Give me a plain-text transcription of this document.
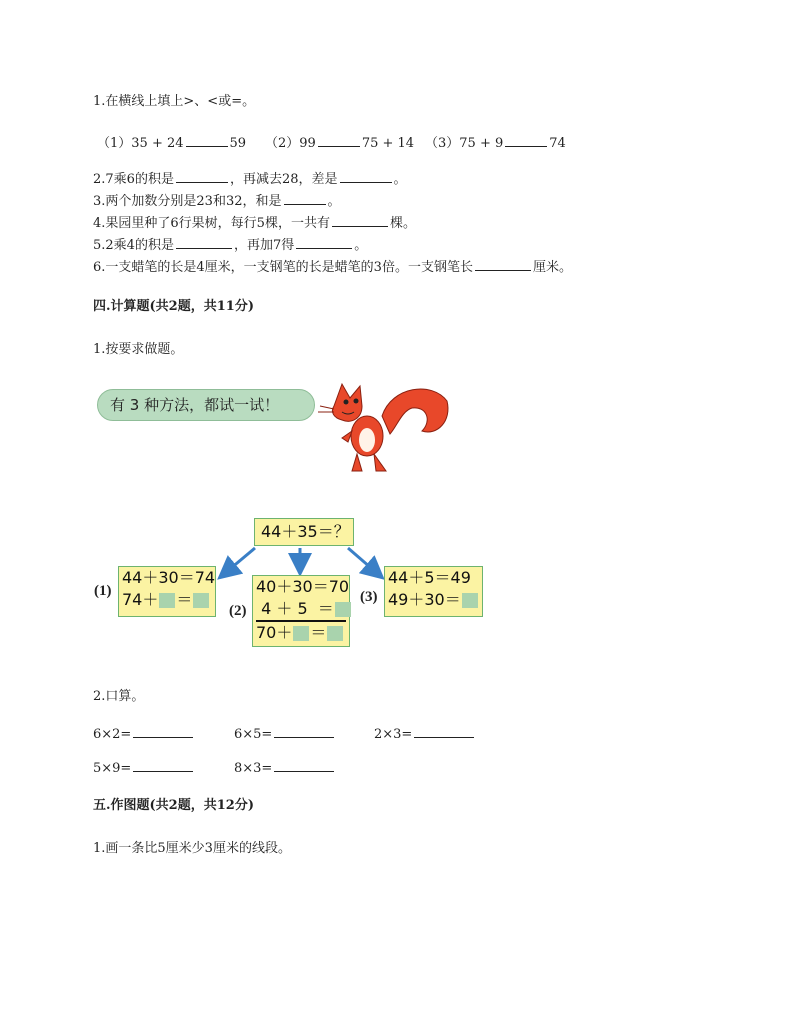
1.在横线上填上>、<或=。
（1）35 + 24	59 （2）99	75 + 14 （3）75 + 9	74
2.7乘6的积是	，再减去28，差是	。
3.两个加数分别是23和32，和是	。
4.果园里种了6行果树，每行5棵，一共有	棵。
5.2乘4的积是	，再加7得	。
6.一支蜡笔的长是4厘米，一支钢笔的长是蜡笔的3倍。一支钢笔长	厘米。
四.计算题(共2题，共11分)
1.按要求做题。
有 3 种方法，都试一试！
44＋35＝？
(1)
44＋30＝74
74＋ ＝
(2)
40＋30＝70
4 ＋ 5  ＝
70＋ ＝
(3)
44＋5＝49
49＋30＝
2.口算。
6×2=	6×5=	2×3=
5×9=	8×3=
五.作图题(共2题，共12分)
1.画一条比5厘米少3厘米的线段。
